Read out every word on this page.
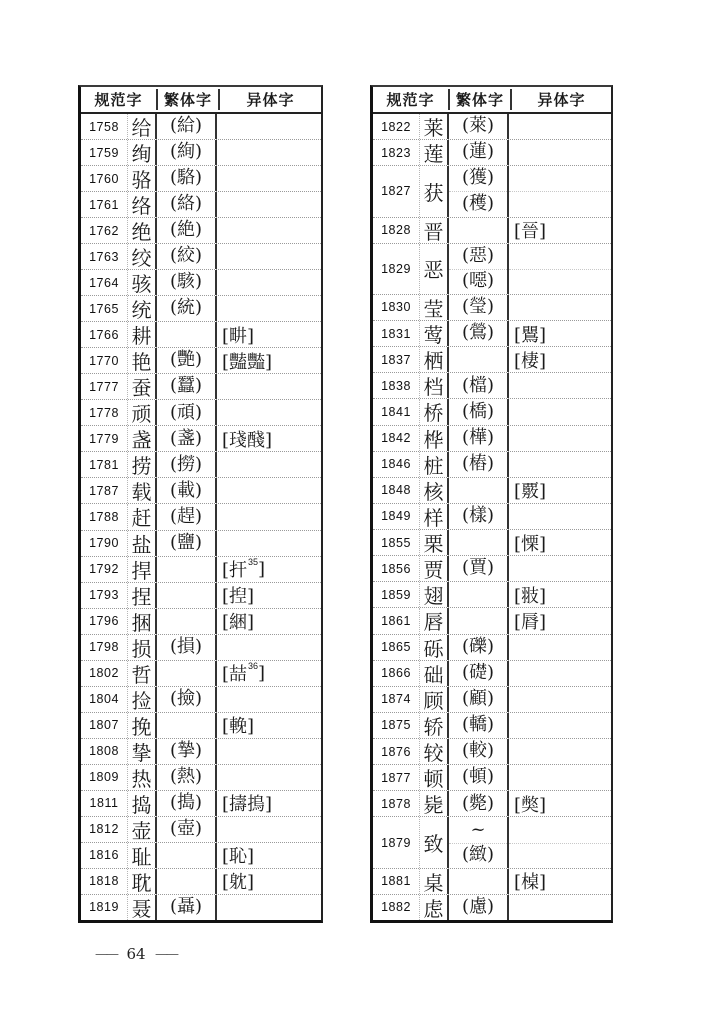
规范字	繁体字	异体字
1758 给 (給)
1759 绚 (絢)
1760 骆 (駱)
1761 络 (絡)
1762 绝 (絶)
1763 绞 (絞)
1764 骇 (駭)
1765 统 (統)
1766 耕	[畊]
1770 艳 (艷) [豔豓]
1777 蚕 (蠶)
1778 顽 (頑)
1779 盏 (盞) [琖醆]
1781 捞 (撈)
1787 载 (載)
1788 赶 (趕)
1790 盐 (鹽)
1792 捍	[扞 35 ]
1793 捏	[揑]
1796 捆	[綑]
1798 损 (損)
1802 哲	[喆 36 ]
1804 捡 (撿)
1807 挽	[輓]
1808 挚 (摯)
1809 热 (熱)
1811 捣 (搗) [擣㨶]
1812 壶 (壺)
1816 耻	[恥]
1818 耽	[躭]
1819 聂 (聶)
规范字	繁体字	异体字
1822 莱 (萊)
1823 莲 (蓮)
1827 获
(獲)
(穫)
1828 晋	[晉]
1829 恶
(惡)
(噁)
1830 莹 (瑩)
1831 莺 (鶯) [鸎]
1837 栖	[棲]
1838 档 (檔)
1841 桥 (橋)
1842 桦 (樺)
1846 桩 (樁)
1848 核	[覈]
1849 样 (樣)
1855 栗	[慄]
1856 贾 (賈)
1859 翅	[翄]
1861 唇	[脣]
1865 砾 (礫)
1866 础 (礎)
1874 顾 (顧)
1875 轿 (轎)
1876 较 (較)
1877 顿 (頓)
1878 毙 (斃) [獘]
1879 致
~
(緻)
1881 桌	[槕]
1882 虑 (慮)
—— 64 ——
